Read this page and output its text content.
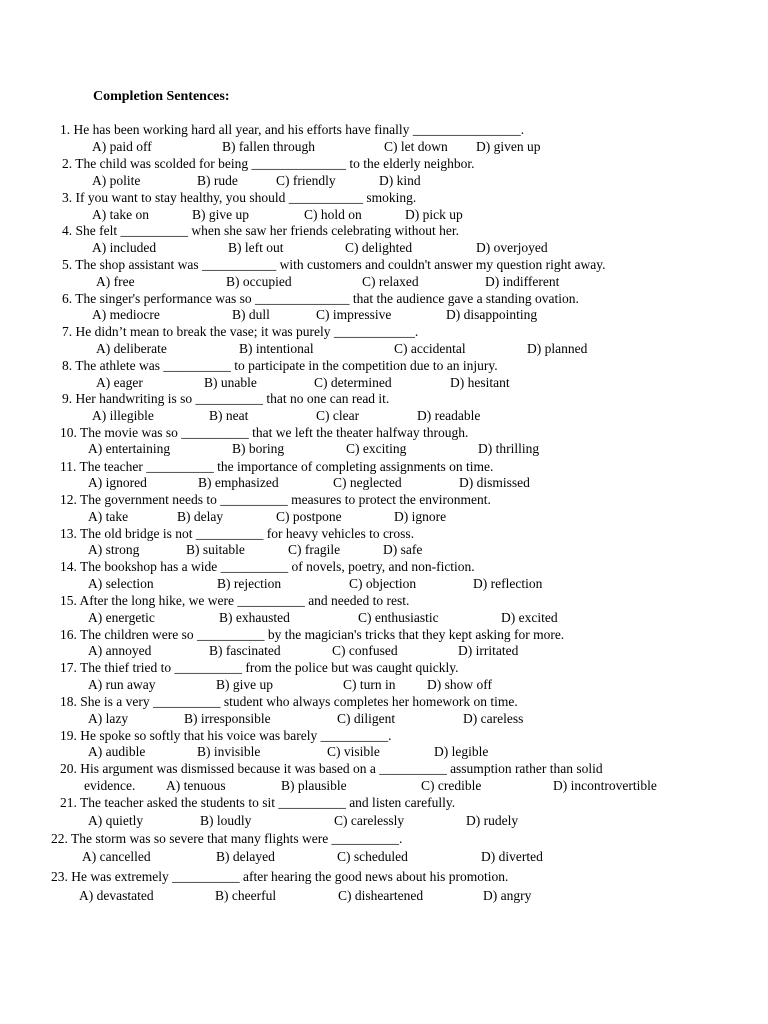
Completion Sentences:
1. He has been working hard all year, and his efforts have finally ________________.
A) paid off	B) fallen through	C) let down D) given up
2. The child was scolded for being ______________ to the elderly neighbor.
A) polite	B) rude	C) friendly	D) kind
3. If you want to stay healthy, you should ___________ smoking.
A) take on	B) give up	C) hold on	D) pick up
4. She felt __________ when she saw her friends celebrating without her.
A) included	B) left out	C) delighted	D) overjoyed
5. The shop assistant was ___________ with customers and couldn't answer my question right away.
A) free	B) occupied	C) relaxed	D) indifferent
6. The singer's performance was so ______________ that the audience gave a standing ovation.
A) mediocre	B) dull	C) impressive	D) disappointing
7. He didn’t mean to break the vase; it was purely ____________.
A) deliberate	B) intentional	C) accidental	D) planned
8. The athlete was __________ to participate in the competition due to an injury.
A) eager	B) unable	C) determined	D) hesitant
9. Her handwriting is so __________ that no one can read it.
A) illegible	B) neat	C) clear	D) readable
10. The movie was so __________ that we left the theater halfway through.
A) entertaining	B) boring	C) exciting	D) thrilling
11. The teacher __________ the importance of completing assignments on time.
A) ignored	B) emphasized	C) neglected	D) dismissed
12. The government needs to __________ measures to protect the environment.
A) take	B) delay	C) postpone	D) ignore
13. The old bridge is not __________ for heavy vehicles to cross.
A) strong	B) suitable	C) fragile	D) safe
14. The bookshop has a wide __________ of novels, poetry, and non-fiction.
A) selection	B) rejection	C) objection	D) reflection
15. After the long hike, we were __________ and needed to rest.
A) energetic	B) exhausted	C) enthusiastic	D) excited
16. The children were so __________ by the magician's tricks that they kept asking for more.
A) annoyed	B) fascinated	C) confused	D) irritated
17. The thief tried to __________ from the police but was caught quickly.
A) run away	B) give up	C) turn in D) show off
18. She is a very __________ student who always completes her homework on time.
A) lazy	B) irresponsible	C) diligent	D) careless
19. He spoke so softly that his voice was barely __________.
A) audible	B) invisible	C) visible	D) legible
20. His argument was dismissed because it was based on a __________ assumption rather than solid
evidence. A) tenuous	B) plausible	C) credible	D) incontrovertible
21. The teacher asked the students to sit __________ and listen carefully.
A) quietly	B) loudly	C) carelessly	D) rudely
22. The storm was so severe that many flights were __________.
A) cancelled	B) delayed	C) scheduled	D) diverted
23. He was extremely __________ after hearing the good news about his promotion.
A) devastated	B) cheerful	C) disheartened	D) angry
